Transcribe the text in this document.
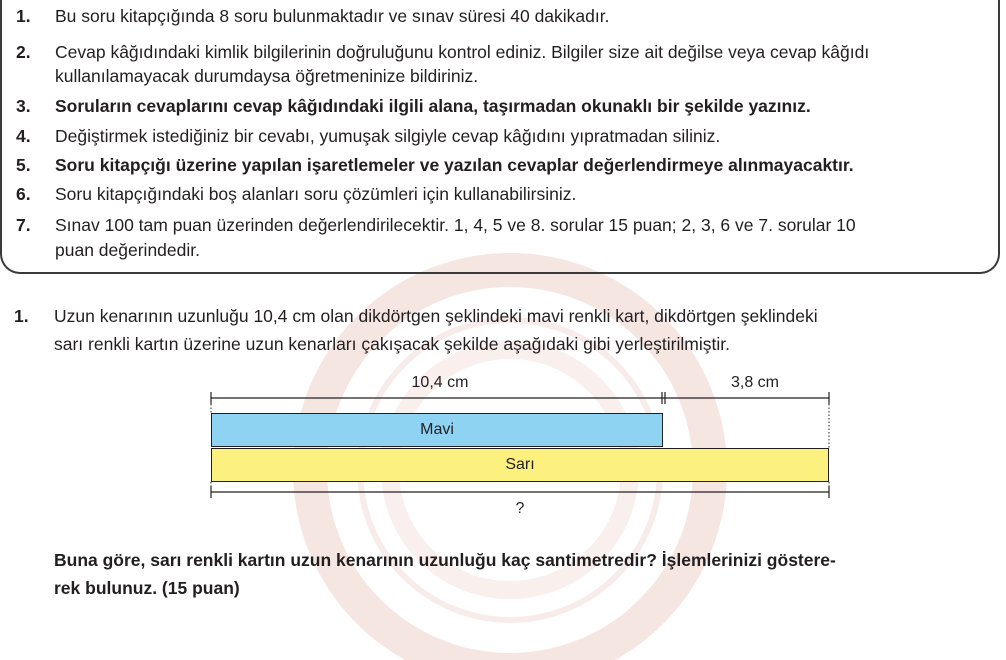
1. Bu soru kitapçığında 8 soru bulunmaktadır ve sınav süresi 40 dakikadır.
2. Cevap kâğıdındaki kimlik bilgilerinin doğruluğunu kontrol ediniz. Bilgiler size ait değilse veya cevap kâğıdı
kullanılamayacak durumdaysa öğretmeninize bildiriniz.
3. Soruların cevaplarını cevap kâğıdındaki ilgili alana, taşırmadan okunaklı bir şekilde yazınız.
4. Değiştirmek istediğiniz bir cevabı, yumuşak silgiyle cevap kâğıdını yıpratmadan siliniz.
5. Soru kitapçığı üzerine yapılan işaretlemeler ve yazılan cevaplar değerlendirmeye alınmayacaktır.
6. Soru kitapçığındaki boş alanları soru çözümleri için kullanabilirsiniz.
7. Sınav 100 tam puan üzerinden değerlendirilecektir. 1, 4, 5 ve 8. sorular 15 puan; 2, 3, 6 ve 7. sorular 10
puan değerindedir.
1. Uzun kenarının uzunluğu 10,4 cm olan dikdörtgen şeklindeki mavi renkli kart, dikdörtgen şeklindeki
sarı renkli kartın üzerine uzun kenarları çakışacak şekilde aşağıdaki gibi yerleştirilmiştir.
10,4 cm	3,8 cm
Mavi
Sarı
?
Buna göre, sarı renkli kartın uzun kenarının uzunluğu kaç santimetredir? İşlemlerinizi göstere-
rek bulunuz. (15 puan)
